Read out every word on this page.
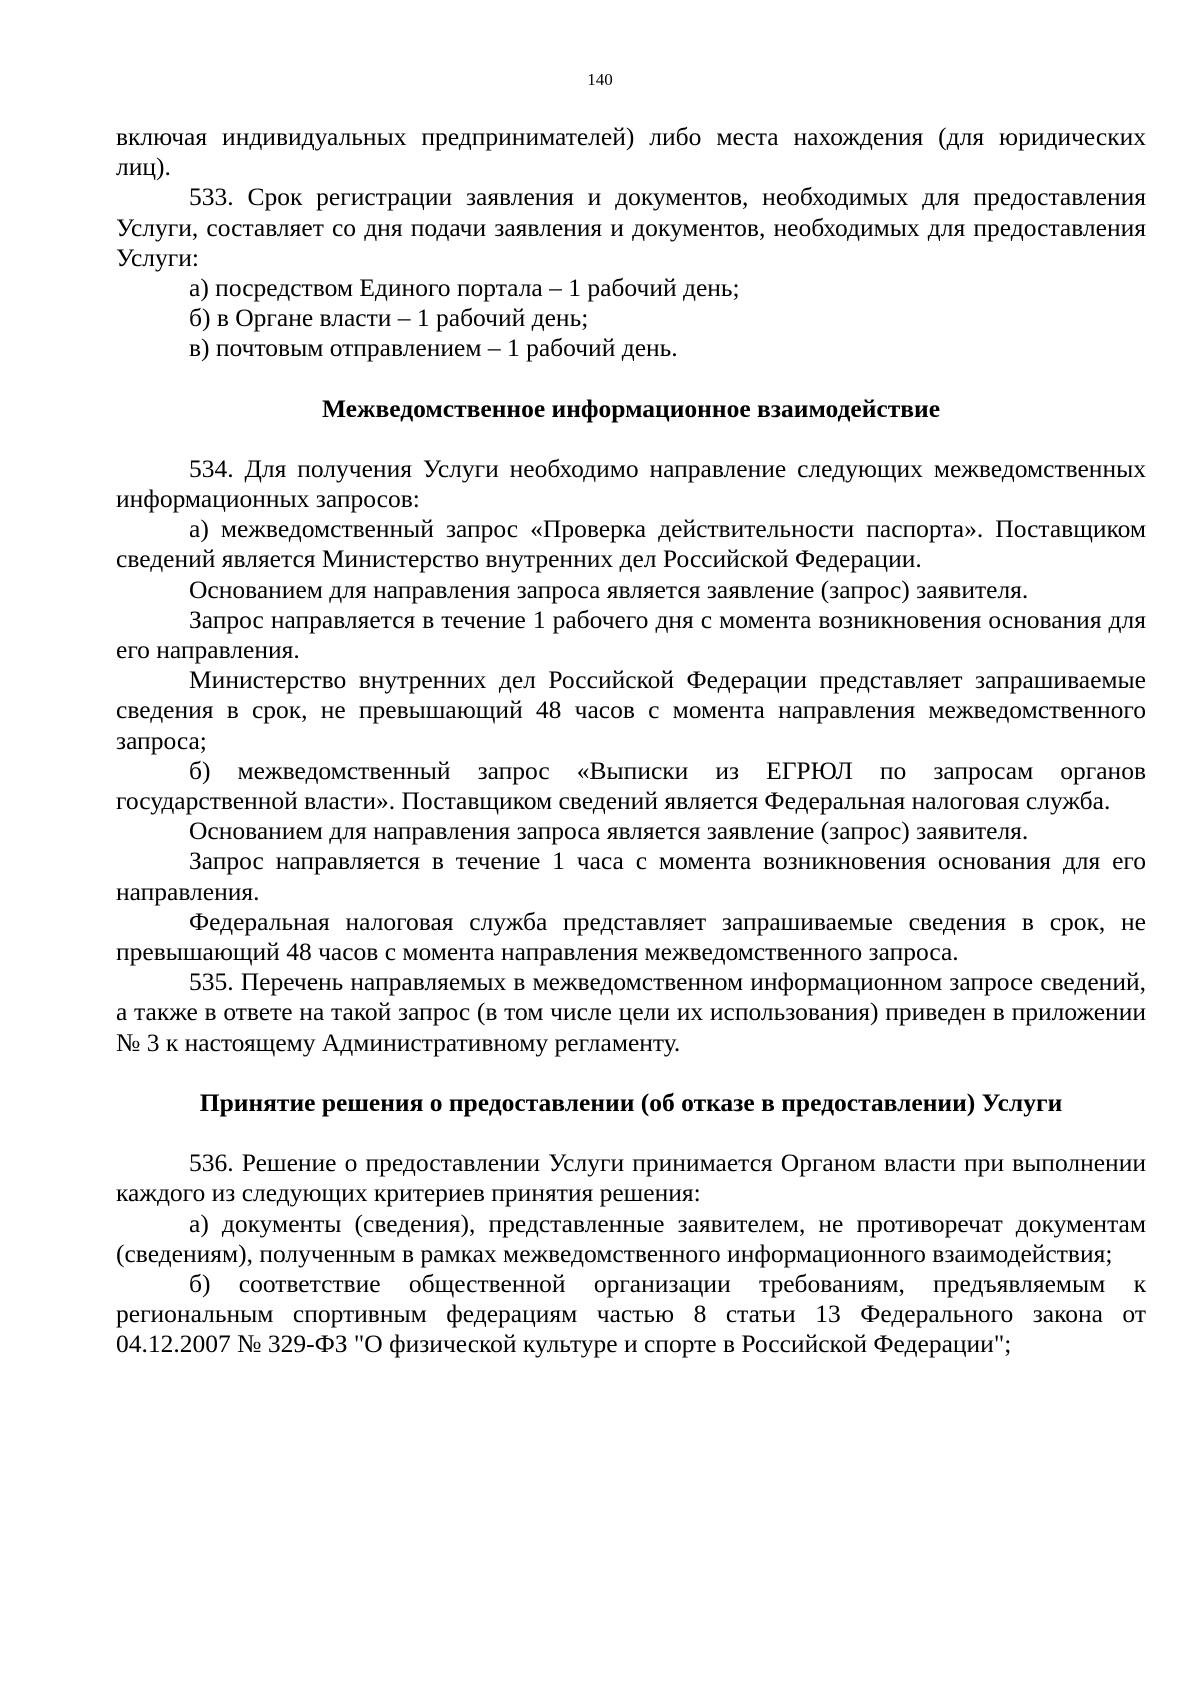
140

включая индивидуальных предпринимателей) либо места нахождения (для юридических лиц).

533. Срок регистрации заявления и документов, необходимых для предоставления Услуги, составляет со дня подачи заявления и документов, необходимых для предоставления Услуги:

а) посредством Единого портала – 1 рабочий день;

б) в Органе власти – 1 рабочий день;

в) почтовым отправлением – 1 рабочий день.

Межведомственное информационное взаимодействие

534. Для получения Услуги необходимо направление следующих межведомственных информационных запросов:

а) межведомственный запрос «Проверка действительности паспорта». Поставщиком сведений является Министерство внутренних дел Российской Федерации.

Основанием для направления запроса является заявление (запрос) заявителя.

Запрос направляется в течение 1 рабочего дня с момента возникновения основания для его направления.

Министерство внутренних дел Российской Федерации представляет запрашиваемые сведения в срок, не превышающий 48 часов с момента направления межведомственного запроса;

б) межведомственный запрос «Выписки из ЕГРЮЛ по запросам органов государственной власти». Поставщиком сведений является Федеральная налоговая служба.

Основанием для направления запроса является заявление (запрос) заявителя.

Запрос направляется в течение 1 часа с момента возникновения основания для его направления.

Федеральная налоговая служба представляет запрашиваемые сведения в срок, не превышающий 48 часов с момента направления межведомственного запроса.

535. Перечень направляемых в межведомственном информационном запросе сведений, а также в ответе на такой запрос (в том числе цели их использования) приведен в приложении № 3 к настоящему Административному регламенту.

Принятие решения о предоставлении (об отказе в предоставлении) Услуги

536. Решение о предоставлении Услуги принимается Органом власти при выполнении каждого из следующих критериев принятия решения:

а) документы (сведения), представленные заявителем, не противоречат документам (сведениям), полученным в рамках межведомственного информационного взаимодействия;

б) соответствие общественной организации требованиям, предъявляемым к региональным спортивным федерациям частью 8 статьи 13 Федерального закона от 04.12.2007 № 329-ФЗ "О физической культуре и спорте в Российской Федерации";
